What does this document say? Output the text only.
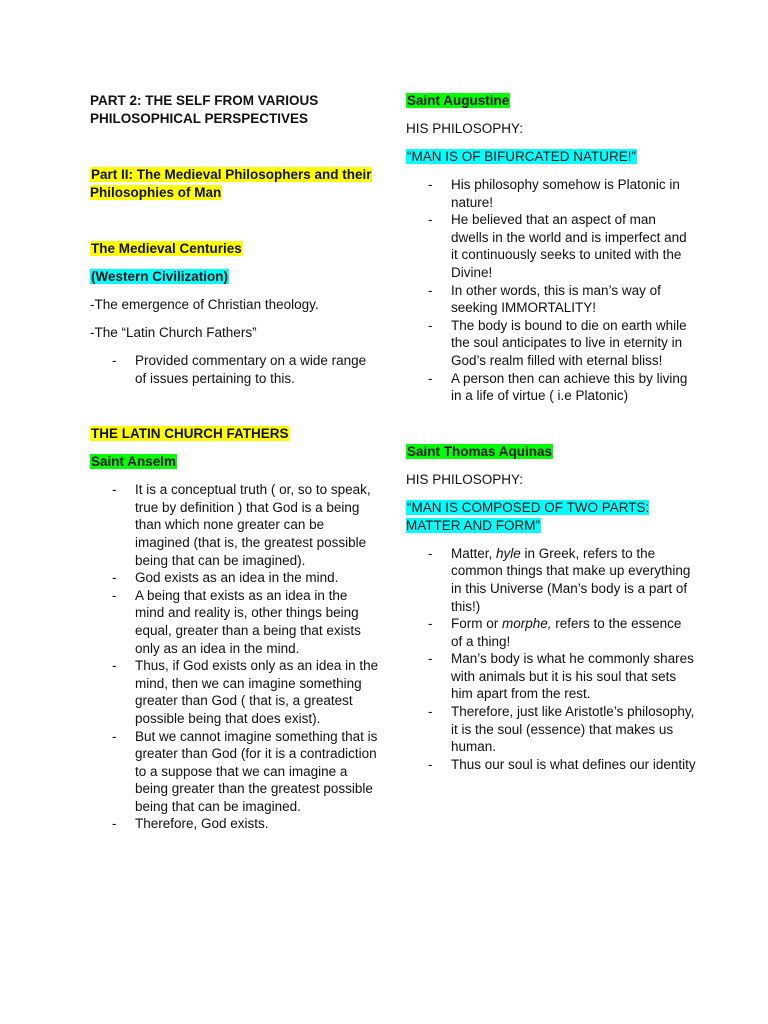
PART 2: THE SELF FROM VARIOUS PHILOSOPHICAL PERSPECTIVES

Part II: The Medieval Philosophers and their Philosophies of Man

The Medieval Centuries

(Western Civilization)

-The emergence of Christian theology.

-The “Latin Church Fathers”

- Provided commentary on a wide range of issues pertaining to this.

THE LATIN CHURCH FATHERS

Saint Anselm

- It is a conceptual truth ( or, so to speak, true by definition ) that God is a being than which none greater can be imagined (that is, the greatest possible being that can be imagined).
- God exists as an idea in the mind.
- A being that exists as an idea in the mind and reality is, other things being equal, greater than a being that exists only as an idea in the mind.
- Thus, if God exists only as an idea in the mind, then we can imagine something greater than God ( that is, a greatest possible being that does exist).
- But we cannot imagine something that is greater than God (for it is a contradiction to a suppose that we can imagine a being greater than the greatest possible being that can be imagined.
- Therefore, God exists.

Saint Augustine

HIS PHILOSOPHY:

“MAN IS OF BIFURCATED NATURE!”

- His philosophy somehow is Platonic in nature!
- He believed that an aspect of man dwells in the world and is imperfect and it continuously seeks to united with the Divine!
- In other words, this is man’s way of seeking IMMORTALITY!
- The body is bound to die on earth while the soul anticipates to live in eternity in God’s realm filled with eternal bliss!
- A person then can achieve this by living in a life of virtue ( i.e Platonic)

Saint Thomas Aquinas

HIS PHILOSOPHY:

“MAN IS COMPOSED OF TWO PARTS: MATTER AND FORM”

- Matter, hyle in Greek, refers to the common things that make up everything in this Universe (Man’s body is a part of this!)
- Form or morphe, refers to the essence of a thing!
- Man’s body is what he commonly shares with animals but it is his soul that sets him apart from the rest.
- Therefore, just like Aristotle’s philosophy, it is the soul (essence) that makes us human.
- Thus our soul is what defines our identity
